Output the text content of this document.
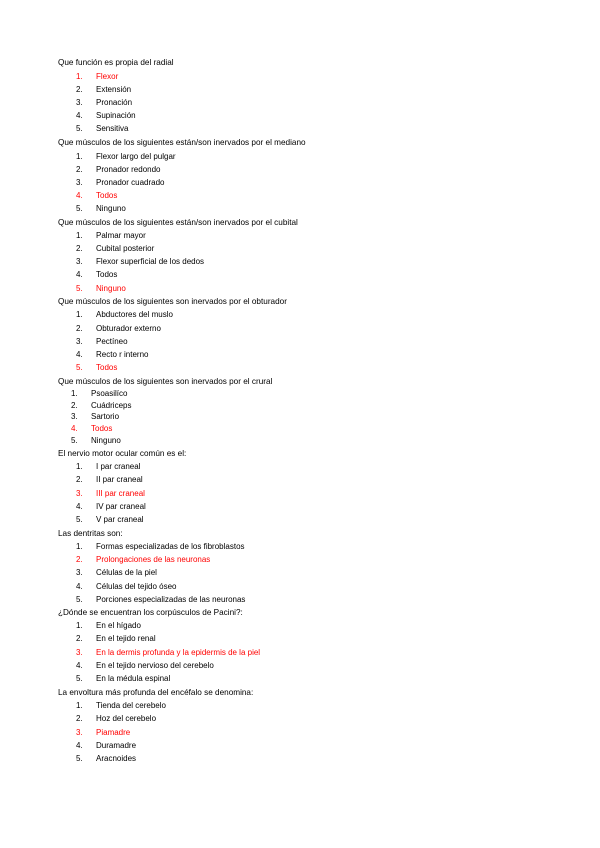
Que función es propia del radial
1. Flexor
2. Extensión
3. Pronación
4. Supinación
5. Sensitiva
Que músculos de los siguientes están/son inervados por el mediano
1. Flexor largo del pulgar
2. Pronador redondo
3. Pronador cuadrado
4. Todos
5. Ninguno
Que músculos de los siguientes están/son inervados por el cubital
1. Palmar mayor
2. Cubital posterior
3. Flexor superficial de los dedos
4. Todos
5. Ninguno
Que músculos de los siguientes son inervados por el obturador
1. Abductores del muslo
2. Obturador externo
3. Pectíneo
4. Recto r interno
5. Todos
Que músculos de los siguientes son inervados por el crural
1. Psoasilíco
2. Cuádriceps
3. Sartorio
4. Todos
5. Ninguno
El nervio motor ocular común es el:
1. I par craneal
2. II par craneal
3. III par craneal
4. IV par craneal
5. V par craneal
Las dentritas son:
1. Formas especializadas de los fibroblastos
2. Prolongaciones de las neuronas
3. Células de la piel
4. Células del tejido óseo
5. Porciones especializadas de las neuronas
¿Dónde se encuentran los corpúsculos de Pacini?:
1. En el hígado
2. En el tejido renal
3. En la dermis profunda y la epidermis de la piel
4. En el tejido nervioso del cerebelo
5. En la médula espinal
La envoltura más profunda del encéfalo se denomina:
1. Tienda del cerebelo
2. Hoz del cerebelo
3. Piamadre
4. Duramadre
5. Aracnoides
